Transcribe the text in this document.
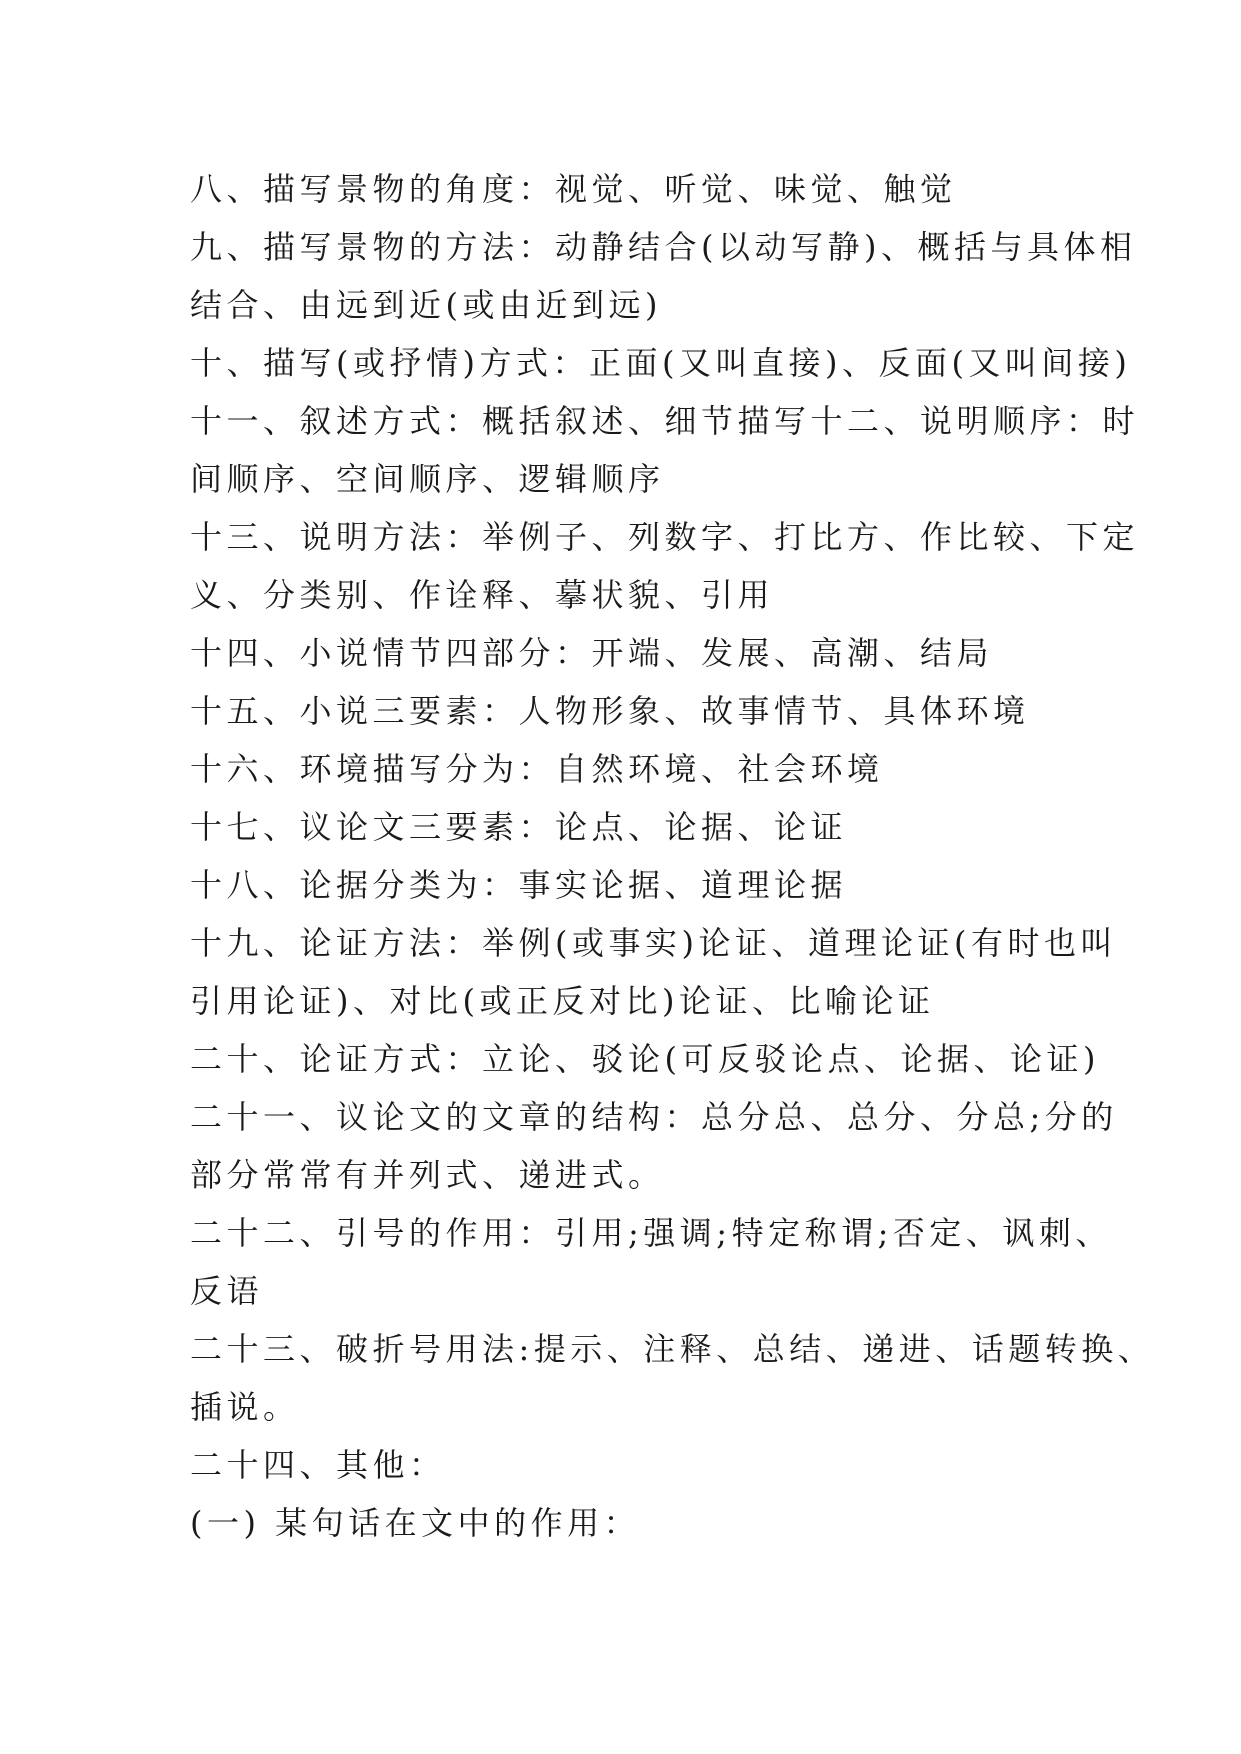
八、描写景物的角度：视觉、听觉、味觉、触觉
九、描写景物的方法：动静结合(以动写静)、概括与具体相
结合、由远到近(或由近到远)
十、描写(或抒情)方式：正面(又叫直接)、反面(又叫间接)
十一、叙述方式：概括叙述、细节描写十二、说明顺序：时
间顺序、空间顺序、逻辑顺序
十三、说明方法：举例子、列数字、打比方、作比较、下定
义、分类别、作诠释、摹状貌、引用
十四、小说情节四部分：开端、发展、高潮、结局
十五、小说三要素：人物形象、故事情节、具体环境
十六、环境描写分为：自然环境、社会环境
十七、议论文三要素：论点、论据、论证
十八、论据分类为：事实论据、道理论据
十九、论证方法：举例(或事实)论证、道理论证(有时也叫
引用论证)、对比(或正反对比)论证、比喻论证
二十、论证方式：立论、驳论(可反驳论点、论据、论证)
二十一、议论文的文章的结构：总分总、总分、分总;分的
部分常常有并列式、递进式。
二十二、引号的作用：引用;强调;特定称谓;否定、讽刺、
反语
二十三、破折号用法:提示、注释、总结、递进、话题转换、
插说。
二十四、其他：
(一) 某句话在文中的作用：
